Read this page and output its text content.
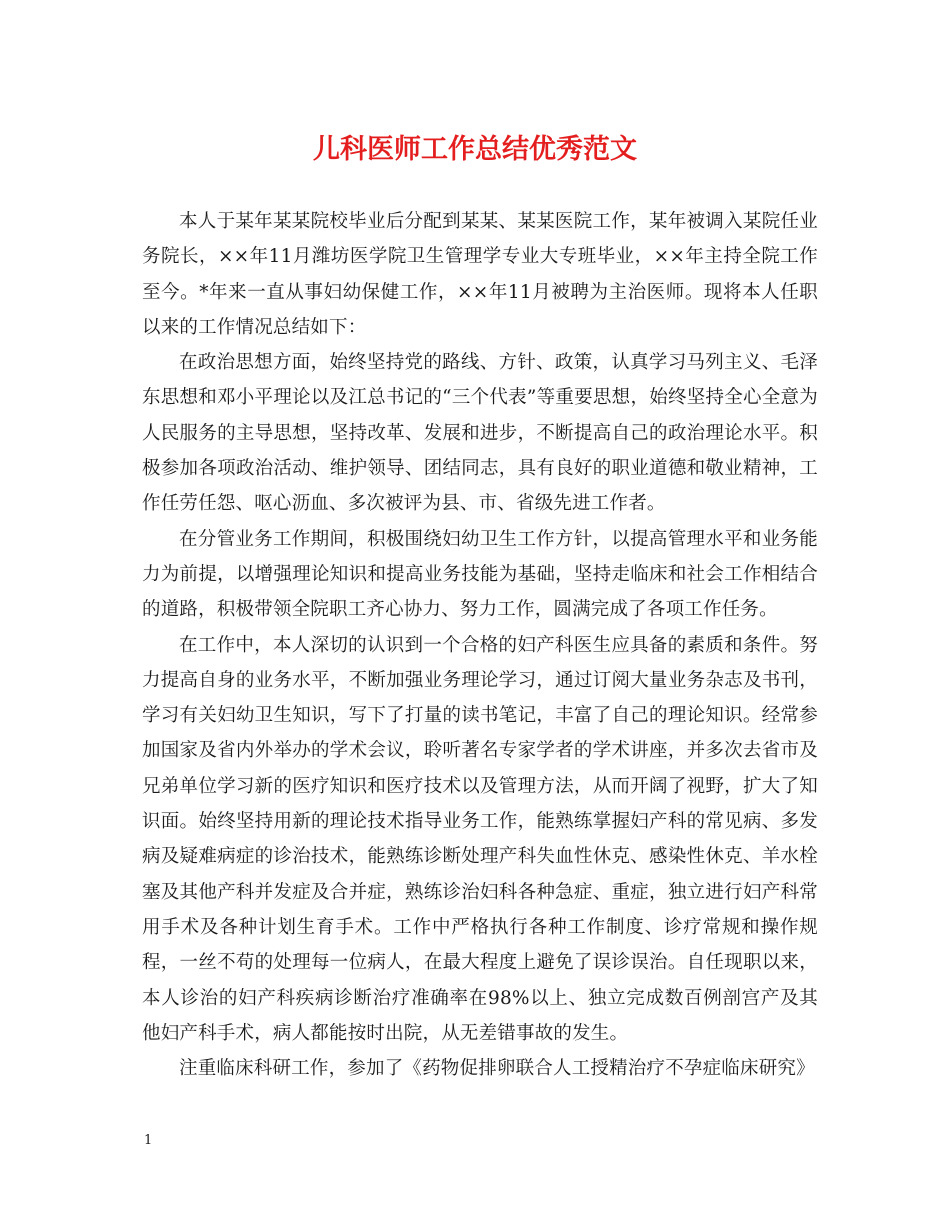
儿科医师工作总结优秀范文

本人于某年某某院校毕业后分配到某某、某某医院工作，某年被调入某院任业务院长，××年11月潍坊医学院卫生管理学专业大专班毕业，××年主持全院工作至今。*年来一直从事妇幼保健工作，××年11月被聘为主治医师。现将本人任职以来的工作情况总结如下：

在政治思想方面，始终坚持党的路线、方针、政策，认真学习马列主义、毛泽东思想和邓小平理论以及江总书记的“三个代表”等重要思想，始终坚持全心全意为人民服务的主导思想，坚持改革、发展和进步，不断提高自己的政治理论水平。积极参加各项政治活动、维护领导、团结同志，具有良好的职业道德和敬业精神，工作任劳任怨、呕心沥血、多次被评为县、市、省级先进工作者。

在分管业务工作期间，积极围绕妇幼卫生工作方针，以提高管理水平和业务能力为前提，以增强理论知识和提高业务技能为基础，坚持走临床和社会工作相结合的道路，积极带领全院职工齐心协力、努力工作，圆满完成了各项工作任务。

在工作中，本人深切的认识到一个合格的妇产科医生应具备的素质和条件。努力提高自身的业务水平，不断加强业务理论学习，通过订阅大量业务杂志及书刊，学习有关妇幼卫生知识，写下了打量的读书笔记，丰富了自己的理论知识。经常参加国家及省内外举办的学术会议，聆听著名专家学者的学术讲座，并多次去省市及兄弟单位学习新的医疗知识和医疗技术以及管理方法，从而开阔了视野，扩大了知识面。始终坚持用新的理论技术指导业务工作，能熟练掌握妇产科的常见病、多发病及疑难病症的诊治技术，能熟练诊断处理产科失血性休克、感染性休克、羊水栓塞及其他产科并发症及合并症，熟练诊治妇科各种急症、重症，独立进行妇产科常用手术及各种计划生育手术。工作中严格执行各种工作制度、诊疗常规和操作规程，一丝不苟的处理每一位病人，在最大程度上避免了误诊误治。自任现职以来，本人诊治的妇产科疾病诊断治疗准确率在98%以上、独立完成数百例剖宫产及其他妇产科手术，病人都能按时出院，从无差错事故的发生。

注重临床科研工作，参加了《药物促排卵联合人工授精治疗不孕症临床研究》

1
